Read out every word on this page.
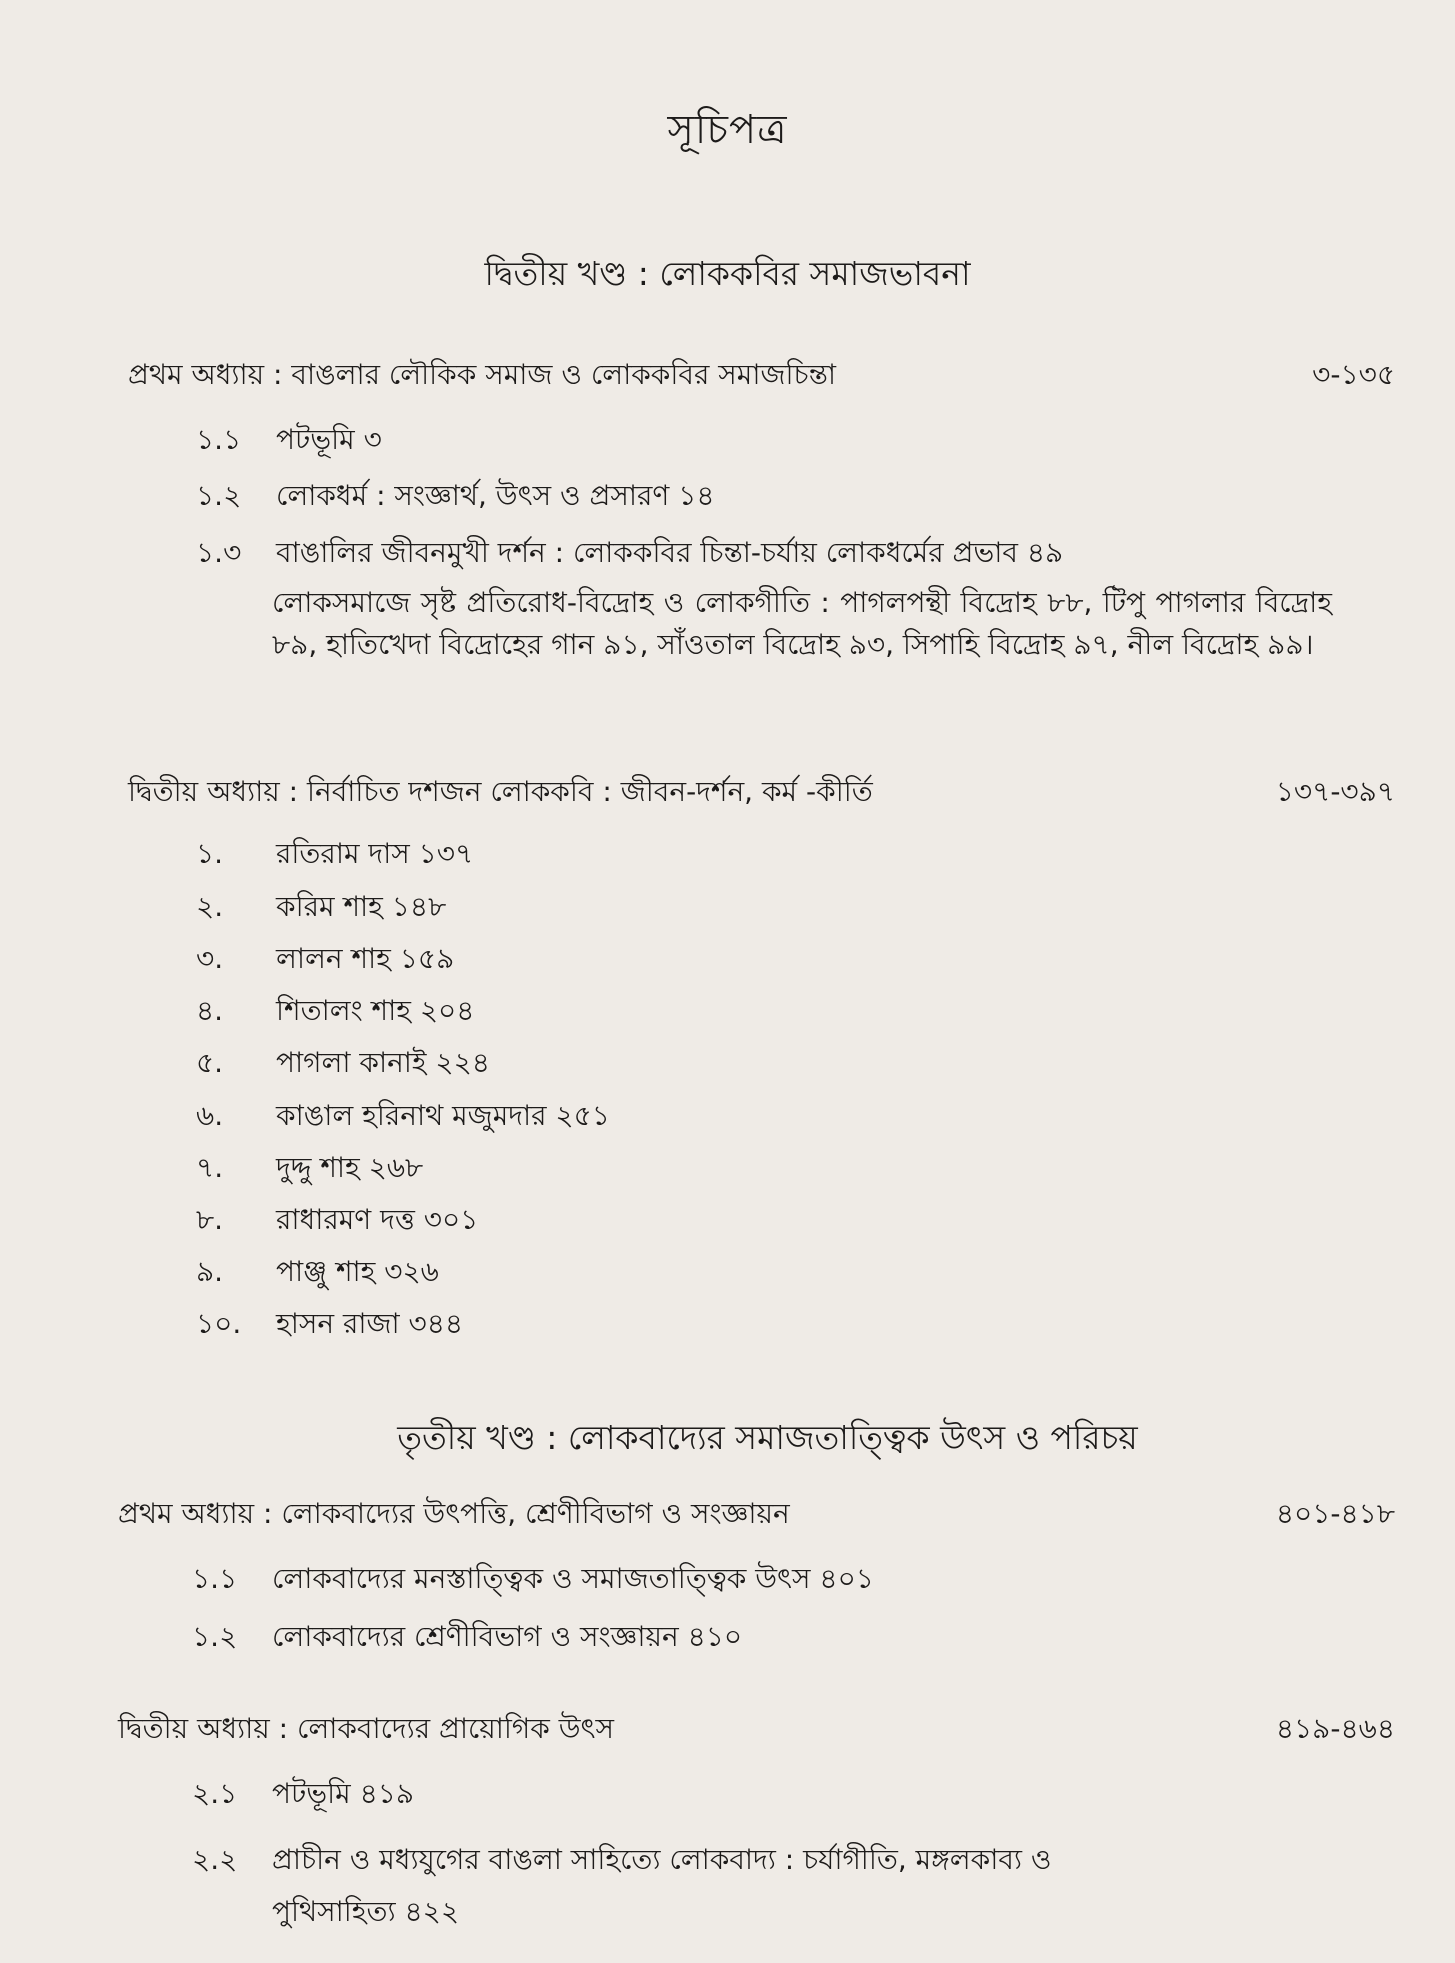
সূচিপত্র
দ্বিতীয় খণ্ড : লোককবির সমাজভাবনা
প্রথম অধ্যায় : বাঙলার লৌকিক সমাজ ও লোককবির সমাজচিন্তা	৩-১৩৫
১.১ পটভূমি ৩
১.২ লোকধর্ম : সংজ্ঞার্থ, উৎস ও প্রসারণ ১৪
১.৩ বাঙালির জীবনমুখী দর্শন : লোককবির চিন্তা-চর্যায় লোকধর্মের প্রভাব ৪৯
লোকসমাজে সৃষ্ট প্রতিরোধ-বিদ্রোহ ও লোকগীতি : পাগলপন্থী বিদ্রোহ ৮৮, টিপু পাগলার বিদ্রোহ ৮৯, হাতিখেদা বিদ্রোহের গান ৯১, সাঁওতাল বিদ্রোহ ৯৩, সিপাহি বিদ্রোহ ৯৭, নীল বিদ্রোহ ৯৯।
দ্বিতীয় অধ্যায় : নির্বাচিত দশজন লোককবি : জীবন-দর্শন, কর্ম -কীর্তি	১৩৭-৩৯৭
১. রতিরাম দাস ১৩৭
২. করিম শাহ ১৪৮
৩. লালন শাহ ১৫৯
৪. শিতালং শাহ ২০৪
৫. পাগলা কানাই ২২৪
৬. কাঙাল হরিনাথ মজুমদার ২৫১
৭. দুদ্দু শাহ ২৬৮
৮. রাধারমণ দত্ত ৩০১
৯. পাঞ্জু শাহ ৩২৬
১০. হাসন রাজা ৩৪৪
তৃতীয় খণ্ড : লোকবাদ্যের সমাজতাত্ত্বিক উৎস ও পরিচয়
প্রথম অধ্যায় : লোকবাদ্যের উৎপত্তি, শ্রেণীবিভাগ ও সংজ্ঞায়ন	৪০১-৪১৮
১.১ লোকবাদ্যের মনস্তাত্ত্বিক ও সমাজতাত্ত্বিক উৎস ৪০১
১.২ লোকবাদ্যের শ্রেণীবিভাগ ও সংজ্ঞায়ন ৪১০
দ্বিতীয় অধ্যায় : লোকবাদ্যের প্রায়োগিক উৎস	৪১৯-৪৬৪
২.১ পটভূমি ৪১৯
২.২ প্রাচীন ও মধ্যযুগের বাঙলা সাহিত্যে লোকবাদ্য : চর্যাগীতি, মঙ্গলকাব্য ও
পুথিসাহিত্য ৪২২
